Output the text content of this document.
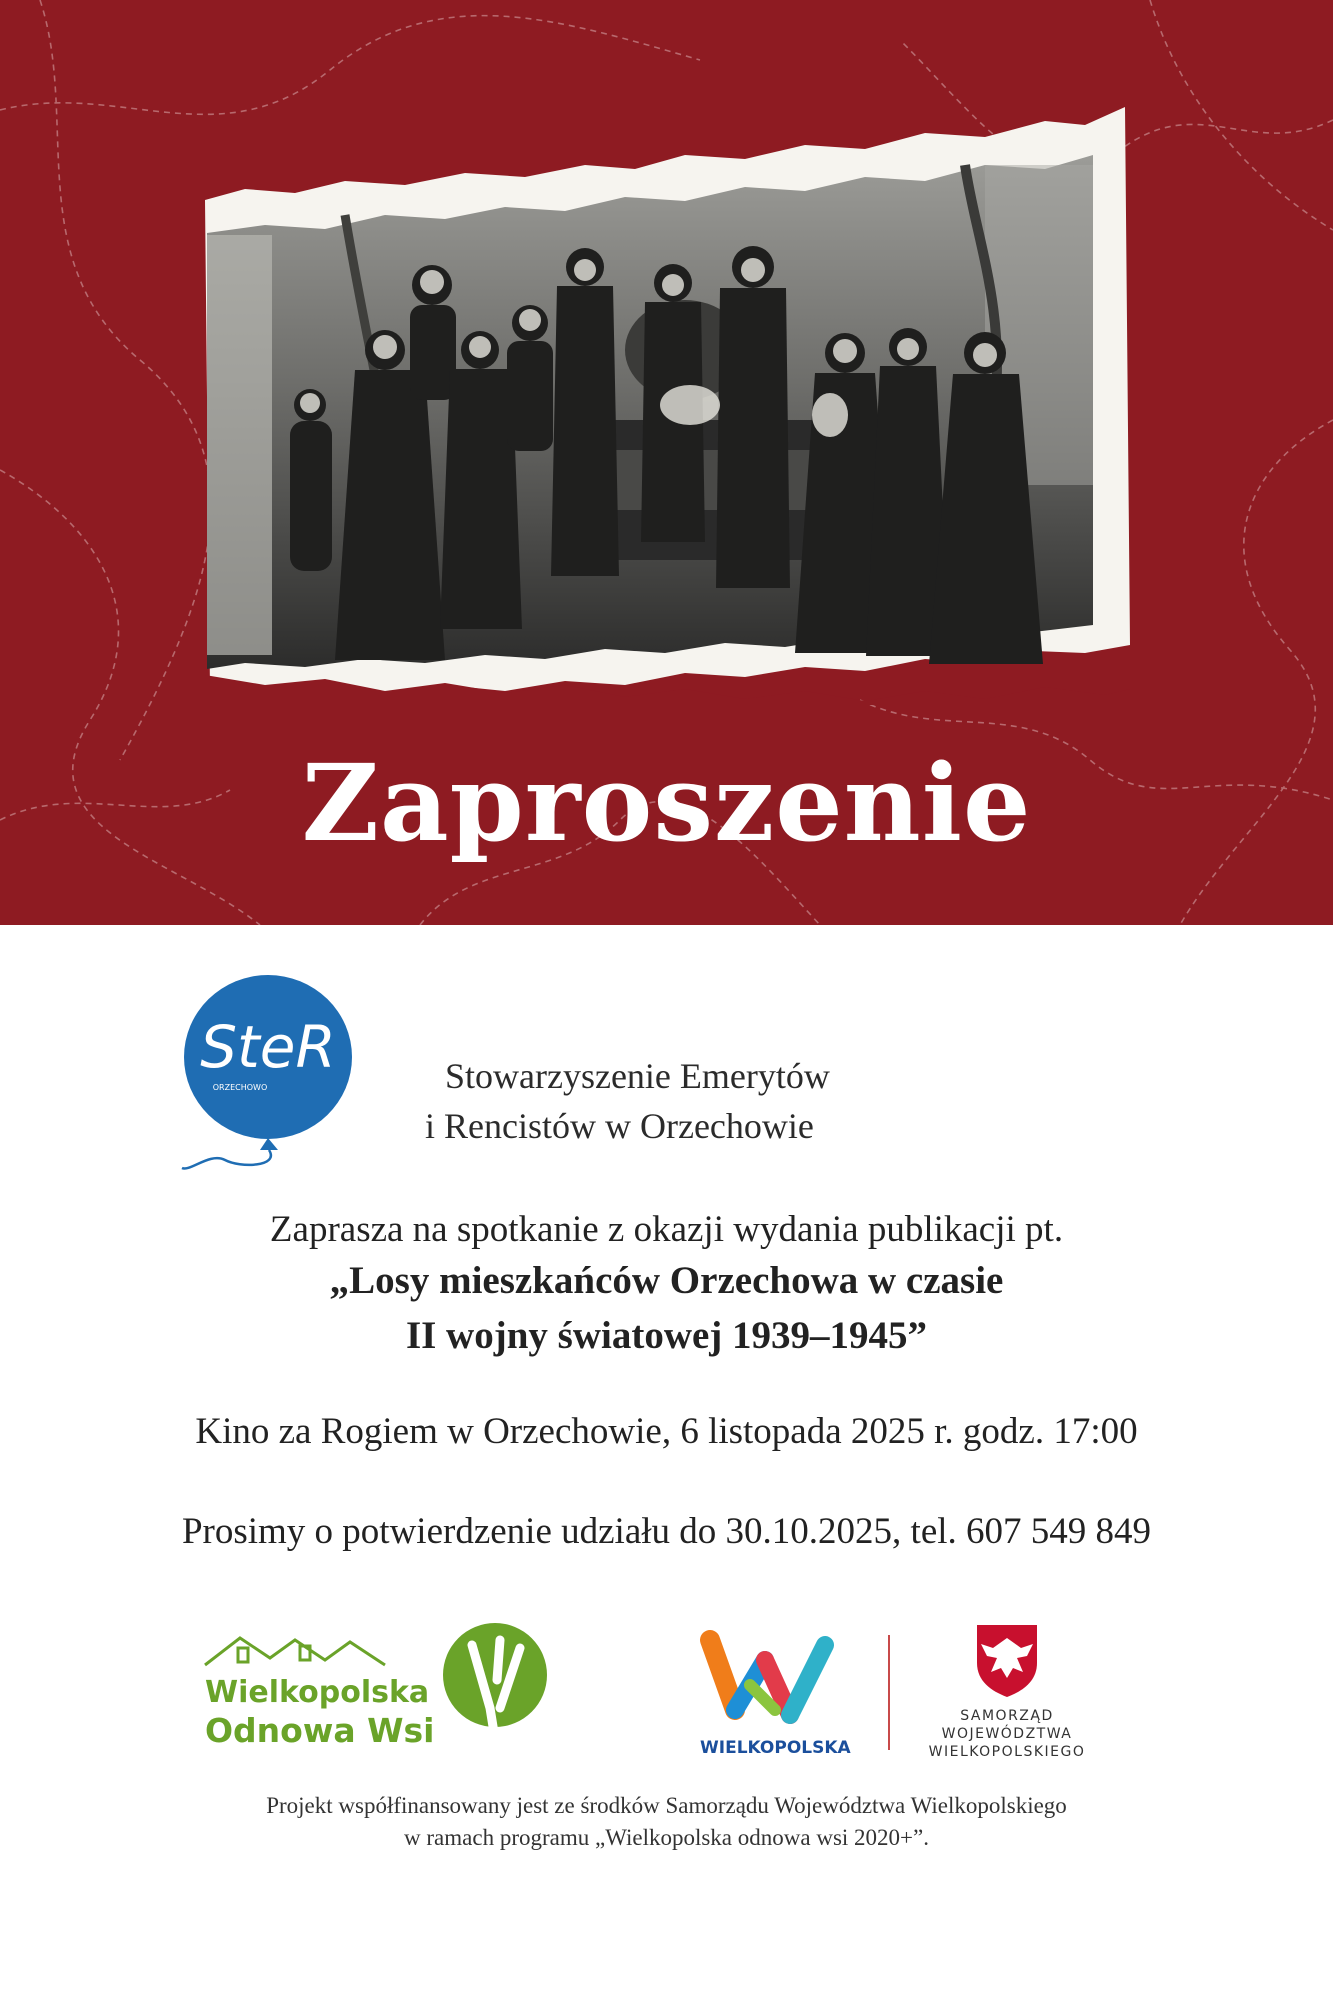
Zaproszenie
SteR
ORZECHOWO	Stowarzyszenie Emerytów
i Rencistów w Orzechowie
Zaprasza na spotkanie z okazji wydania publikacji pt.
„Losy mieszkańców Orzechowa w czasie
II wojny światowej 1939–1945”
Kino za Rogiem w Orzechowie, 6 listopada 2025 r. godz. 17:00
Prosimy o potwierdzenie udziału do 30.10.2025, tel. 607 549 849
Wielkopolska
Odnowa Wsi	WIELKOPOLSKA
SAMORZĄD
WOJEWÓDZTWA
WIELKOPOLSKIEGO
Projekt współfinansowany jest ze środków Samorządu Województwa Wielkopolskiego
w ramach programu „Wielkopolska odnowa wsi 2020+”.
